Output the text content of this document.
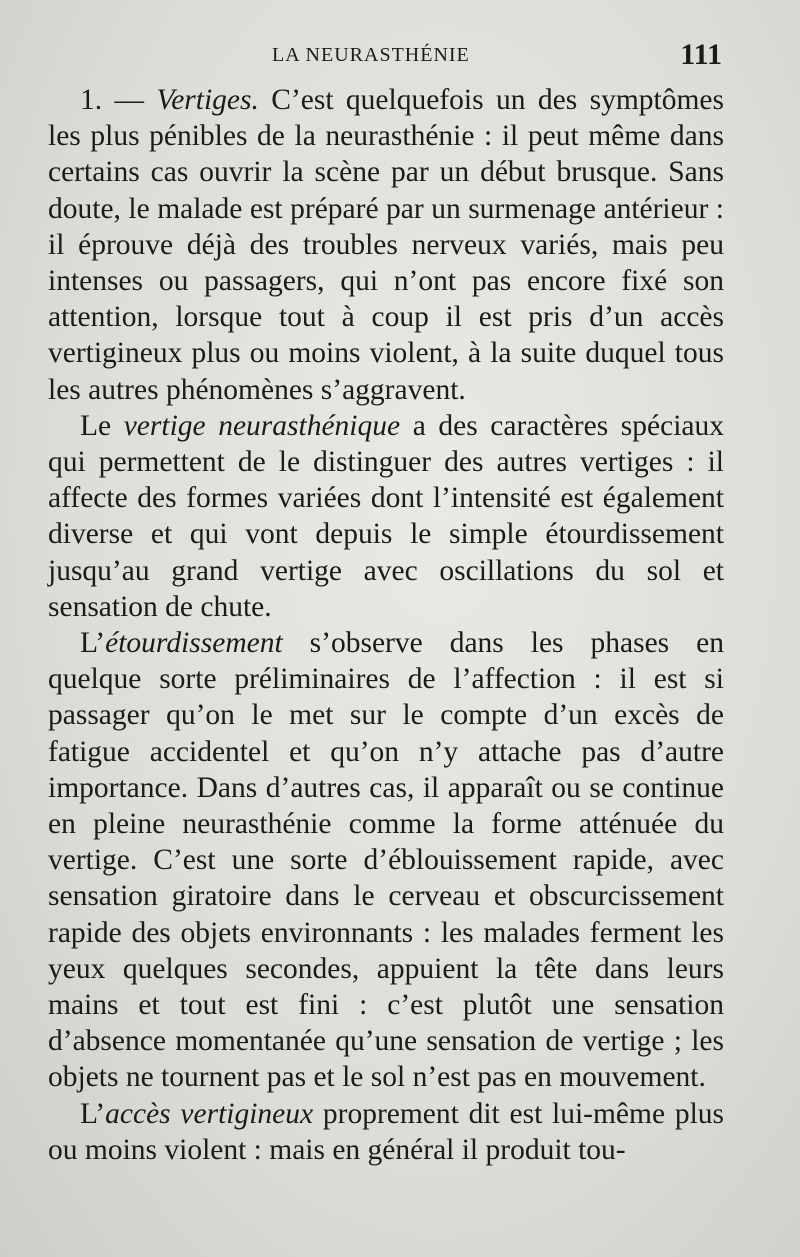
LA NEURASTHÉNIE	111

1. — Vertiges. C’est quelquefois un des symptômes les plus pénibles de la neurasthénie : il peut même dans certains cas ouvrir la scène par un début brusque. Sans doute, le malade est préparé par un surmenage antérieur : il éprouve déjà des troubles nerveux variés, mais peu intenses ou passagers, qui n’ont pas encore fixé son attention, lorsque tout à coup il est pris d’un accès vertigineux plus ou moins violent, à la suite duquel tous les autres phénomènes s’aggravent.

Le vertige neurasthénique a des caractères spéciaux qui permettent de le distinguer des autres vertiges : il affecte des formes variées dont l’intensité est également diverse et qui vont depuis le simple étourdissement jusqu’au grand vertige avec oscillations du sol et sensation de chute.

L’étourdissement s’observe dans les phases en quelque sorte préliminaires de l’affection : il est si passager qu’on le met sur le compte d’un excès de fatigue accidentel et qu’on n’y attache pas d’autre importance. Dans d’autres cas, il apparaît ou se continue en pleine neurasthénie comme la forme atténuée du vertige. C’est une sorte d’éblouissement rapide, avec sensation giratoire dans le cerveau et obscurcissement rapide des objets environnants : les malades ferment les yeux quelques secondes, appuient la tête dans leurs mains et tout est fini : c’est plutôt une sensation d’absence momentanée qu’une sensation de vertige ; les objets ne tournent pas et le sol n’est pas en mouvement.

L’accès vertigineux proprement dit est lui-même plus ou moins violent : mais en général il produit tou-
